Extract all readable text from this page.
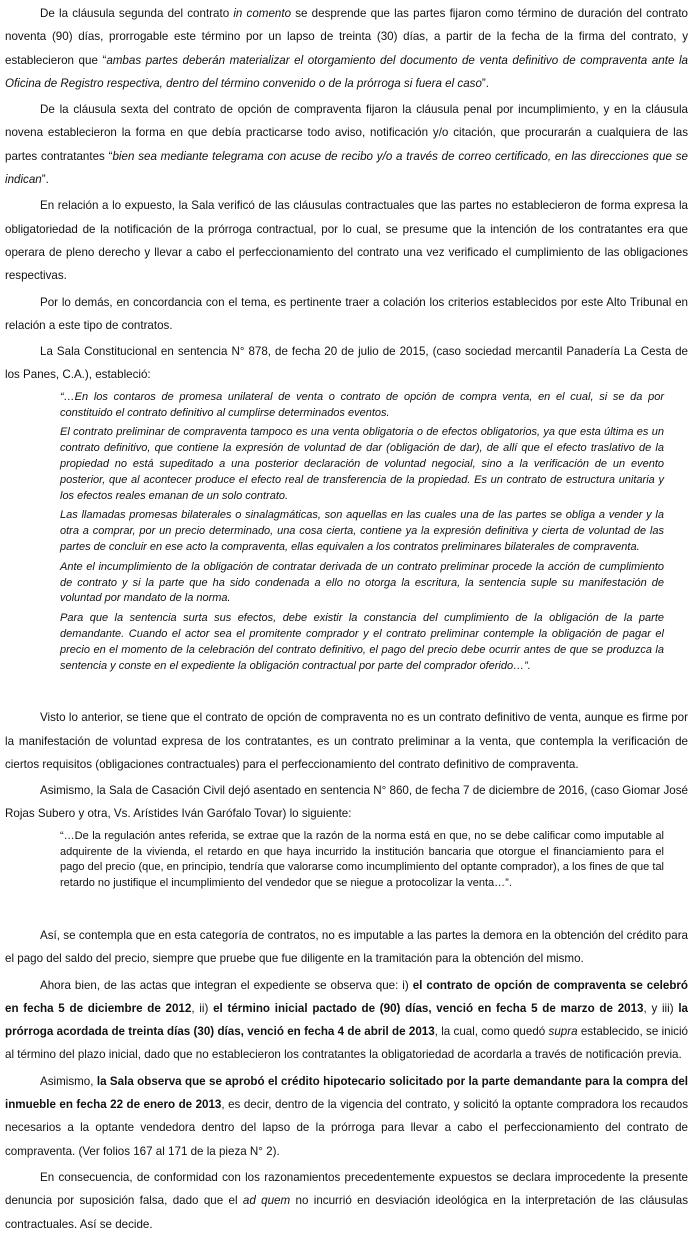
De la cláusula segunda del contrato in comento se desprende que las partes fijaron como término de duración del contrato noventa (90) días, prorrogable este término por un lapso de treinta (30) días, a partir de la fecha de la firma del contrato, y establecieron que “ambas partes deberán materializar el otorgamiento del documento de venta definitivo de compraventa ante la Oficina de Registro respectiva, dentro del término convenido o de la prórroga si fuera el caso”.

De la cláusula sexta del contrato de opción de compraventa fijaron la cláusula penal por incumplimiento, y en la cláusula novena establecieron la forma en que debía practicarse todo aviso, notificación y/o citación, que procurarán a cualquiera de las partes contratantes “bien sea mediante telegrama con acuse de recibo y/o a través de correo certificado, en las direcciones que se indican”.

En relación a lo expuesto, la Sala verificó de las cláusulas contractuales que las partes no establecieron de forma expresa la obligatoriedad de la notificación de la prórroga contractual, por lo cual, se presume que la intención de los contratantes era que operara de pleno derecho y llevar a cabo el perfeccionamiento del contrato una vez verificado el cumplimiento de las obligaciones respectivas.

Por lo demás, en concordancia con el tema, es pertinente traer a colación los criterios establecidos por este Alto Tribunal en relación a este tipo de contratos.

La Sala Constitucional en sentencia N° 878, de fecha 20 de julio de 2015, (caso sociedad mercantil Panadería La Cesta de los Panes, C.A.), estableció:

“…En los contaros de promesa unilateral de venta o contrato de opción de compra venta, en el cual, si se da por constituido el contrato definitivo al cumplirse determinados eventos.

El contrato preliminar de compraventa tampoco es una venta obligatoria o de efectos obligatorios, ya que esta última es un contrato definitivo, que contiene la expresión de voluntad de dar (obligación de dar), de allí que el efecto traslativo de la propiedad no está supeditado a una posterior declaración de voluntad negocial, sino a la verificación de un evento posterior, que al acontecer produce el efecto real de transferencia de la propiedad. Es un contrato de estructura unitaria y los efectos reales emanan de un solo contrato.

Las llamadas promesas bilaterales o sinalagmáticas, son aquellas en las cuales una de las partes se obliga a vender y la otra a comprar, por un precio determinado, una cosa cierta, contiene ya la expresión definitiva y cierta de voluntad de las partes de concluir en ese acto la compraventa, ellas equivalen a los contratos preliminares bilaterales de compraventa.

Ante el incumplimiento de la obligación de contratar derivada de un contrato preliminar procede la acción de cumplimiento de contrato y si la parte que ha sido condenada a ello no otorga la escritura, la sentencia suple su manifestación de voluntad por mandato de la norma.

Para que la sentencia surta sus efectos, debe existir la constancia del cumplimiento de la obligación de la parte demandante. Cuando el actor sea el promitente comprador y el contrato preliminar contemple la obligación de pagar el precio en el momento de la celebración del contrato definitivo, el pago del precio debe ocurrir antes de que se produzca la sentencia y conste en el expediente la obligación contractual por parte del comprador oferido…”.

Visto lo anterior, se tiene que el contrato de opción de compraventa no es un contrato definitivo de venta, aunque es firme por la manifestación de voluntad expresa de los contratantes, es un contrato preliminar a la venta, que contempla la verificación de ciertos requisitos (obligaciones contractuales) para el perfeccionamiento del contrato definitivo de compraventa.

Asimismo, la Sala de Casación Civil dejó asentado en sentencia N° 860, de fecha 7 de diciembre de 2016, (caso Giomar José Rojas Subero y otra, Vs. Arístides Iván Garófalo Tovar) lo siguiente:

“…De la regulación antes referida, se extrae que la razón de la norma está en que, no se debe calificar como imputable al adquirente de la vivienda, el retardo en que haya incurrido la institución bancaria que otorgue el financiamiento para el pago del precio (que, en principio, tendría que valorarse como incumplimiento del optante comprador), a los fines de que tal retardo no justifique el incumplimiento del vendedor que se niegue a protocolizar la venta…”.

Así, se contempla que en esta categoría de contratos, no es imputable a las partes la demora en la obtención del crédito para el pago del saldo del precio, siempre que pruebe que fue diligente en la tramitación para la obtención del mismo.

Ahora bien, de las actas que integran el expediente se observa que: i) el contrato de opción de compraventa se celebró en fecha 5 de diciembre de 2012, ii) el término inicial pactado de (90) días, venció en fecha 5 de marzo de 2013, y iii) la prórroga acordada de treinta días (30) días, venció en fecha 4 de abril de 2013, la cual, como quedó supra establecido, se inició al término del plazo inicial, dado que no establecieron los contratantes la obligatoriedad de acordarla a través de notificación previa.

Asimismo, la Sala observa que se aprobó el crédito hipotecario solicitado por la parte demandante para la compra del inmueble en fecha 22 de enero de 2013, es decir, dentro de la vigencia del contrato, y solicitó la optante compradora los recaudos necesarios a la optante vendedora dentro del lapso de la prórroga para llevar a cabo el perfeccionamiento del contrato de compraventa. (Ver folios 167 al 171 de la pieza N° 2).

En consecuencia, de conformidad con los razonamientos precedentemente expuestos se declara improcedente la presente denuncia por suposición falsa, dado que el ad quem no incurrió en desviación ideológica en la interpretación de las cláusulas contractuales. Así se decide.
